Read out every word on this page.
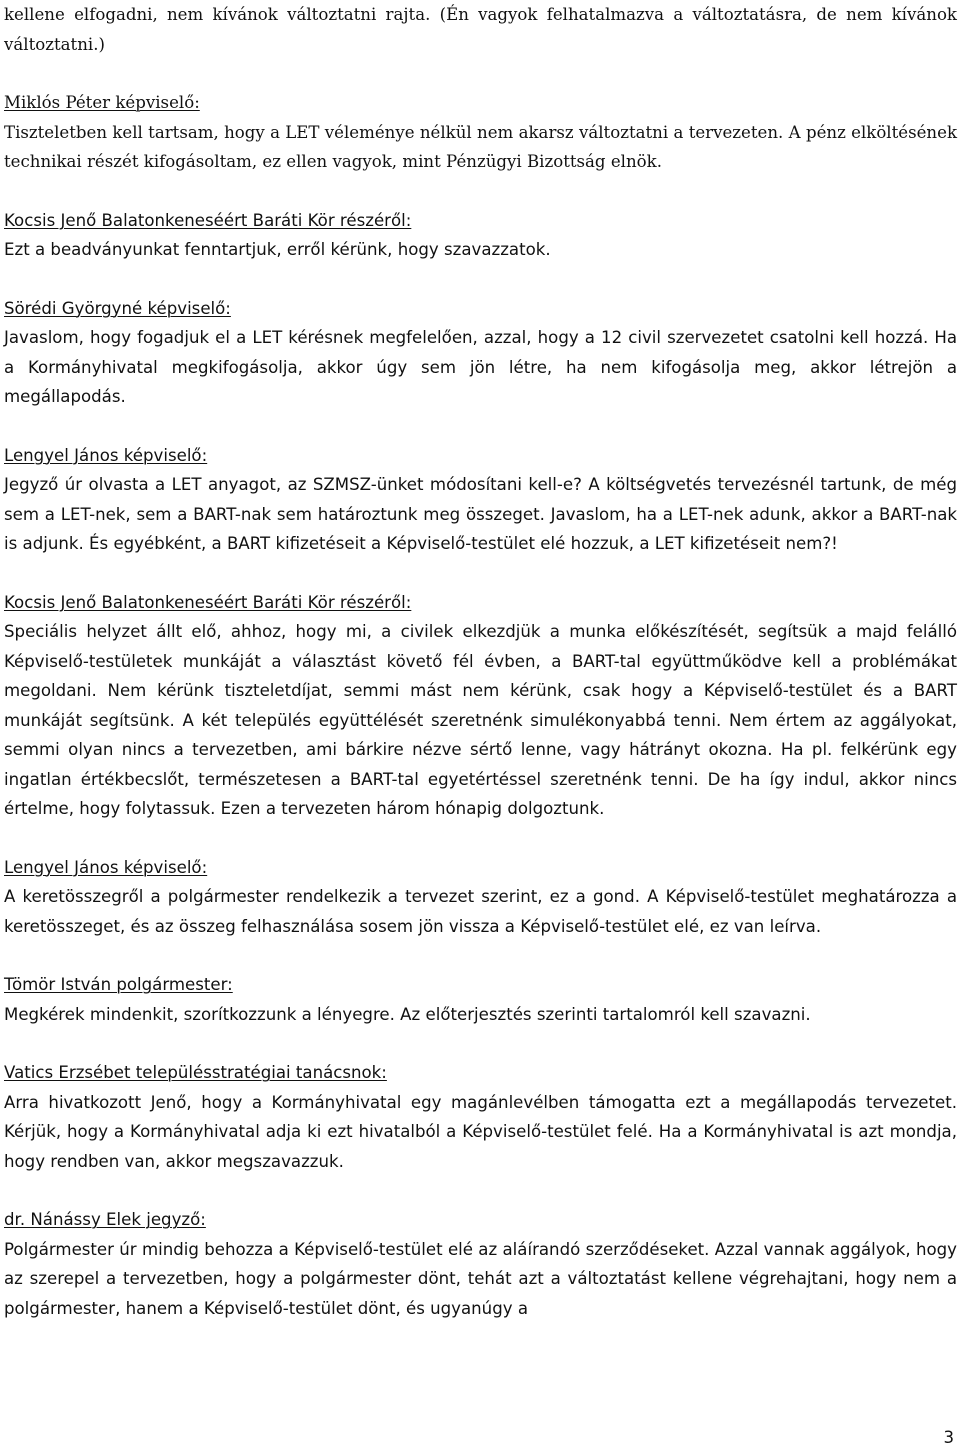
kellene elfogadni, nem kívánok változtatni rajta. (Én vagyok felhatalmazva a változtatásra, de nem kívánok változtatni.)

Miklós Péter képviselő:

Tiszteletben kell tartsam, hogy a LET véleménye nélkül nem akarsz változtatni a tervezeten. A pénz elköltésének technikai részét kifogásoltam, ez ellen vagyok, mint Pénzügyi Bizottság elnök.

Kocsis Jenő Balatonkeneséért Baráti Kör részéről:

Ezt a beadványunkat fenntartjuk, erről kérünk, hogy szavazzatok.

Sörédi Györgyné képviselő:

Javaslom, hogy fogadjuk el a LET kérésnek megfelelően, azzal, hogy a 12 civil szervezetet csatolni kell hozzá. Ha a Kormányhivatal megkifogásolja, akkor úgy sem jön létre, ha nem kifogásolja meg, akkor létrejön a megállapodás.

Lengyel János képviselő:

Jegyző úr olvasta a LET anyagot, az SZMSZ-ünket módosítani kell-e? A költségvetés tervezésnél tartunk, de még sem a LET-nek, sem a BART-nak sem határoztunk meg összeget. Javaslom, ha a LET-nek adunk, akkor a BART-nak is adjunk. És egyébként, a BART kifizetéseit a Képviselő-testület elé hozzuk, a LET kifizetéseit nem?!

Kocsis Jenő Balatonkeneséért Baráti Kör részéről:

Speciális helyzet állt elő, ahhoz, hogy mi, a civilek elkezdjük a munka előkészítését, segítsük a majd felálló Képviselő-testületek munkáját a választást követő fél évben, a BART-tal együttműködve kell a problémákat megoldani. Nem kérünk tiszteletdíjat, semmi mást nem kérünk, csak hogy a Képviselő-testület és a BART munkáját segítsünk. A két település együttélését szeretnénk simulékonyabbá tenni. Nem értem az aggályokat, semmi olyan nincs a tervezetben, ami bárkire nézve sértő lenne, vagy hátrányt okozna. Ha pl. felkérünk egy ingatlan értékbecslőt, természetesen a BART-tal egyetértéssel szeretnénk tenni. De ha így indul, akkor nincs értelme, hogy folytassuk. Ezen a tervezeten három hónapig dolgoztunk.

Lengyel János képviselő:

A keretösszegről a polgármester rendelkezik a tervezet szerint, ez a gond. A Képviselő-testület meghatározza a keretösszeget, és az összeg felhasználása sosem jön vissza a Képviselő-testület elé, ez van leírva.

Tömör István polgármester:

Megkérek mindenkit, szorítkozzunk a lényegre. Az előterjesztés szerinti tartalomról kell szavazni.

Vatics Erzsébet településstratégiai tanácsnok:

Arra hivatkozott Jenő, hogy a Kormányhivatal egy magánlevélben támogatta ezt a megállapodás tervezetet. Kérjük, hogy a Kormányhivatal adja ki ezt hivatalból a Képviselő-testület felé. Ha a Kormányhivatal is azt mondja, hogy rendben van, akkor megszavazzuk.

dr. Nánássy Elek jegyző:

Polgármester úr mindig behozza a Képviselő-testület elé az aláírandó szerződéseket. Azzal vannak aggályok, hogy az szerepel a tervezetben, hogy a polgármester dönt, tehát azt a változtatást kellene végrehajtani, hogy nem a polgármester, hanem a Képviselő-testület dönt, és ugyanúgy a

3
